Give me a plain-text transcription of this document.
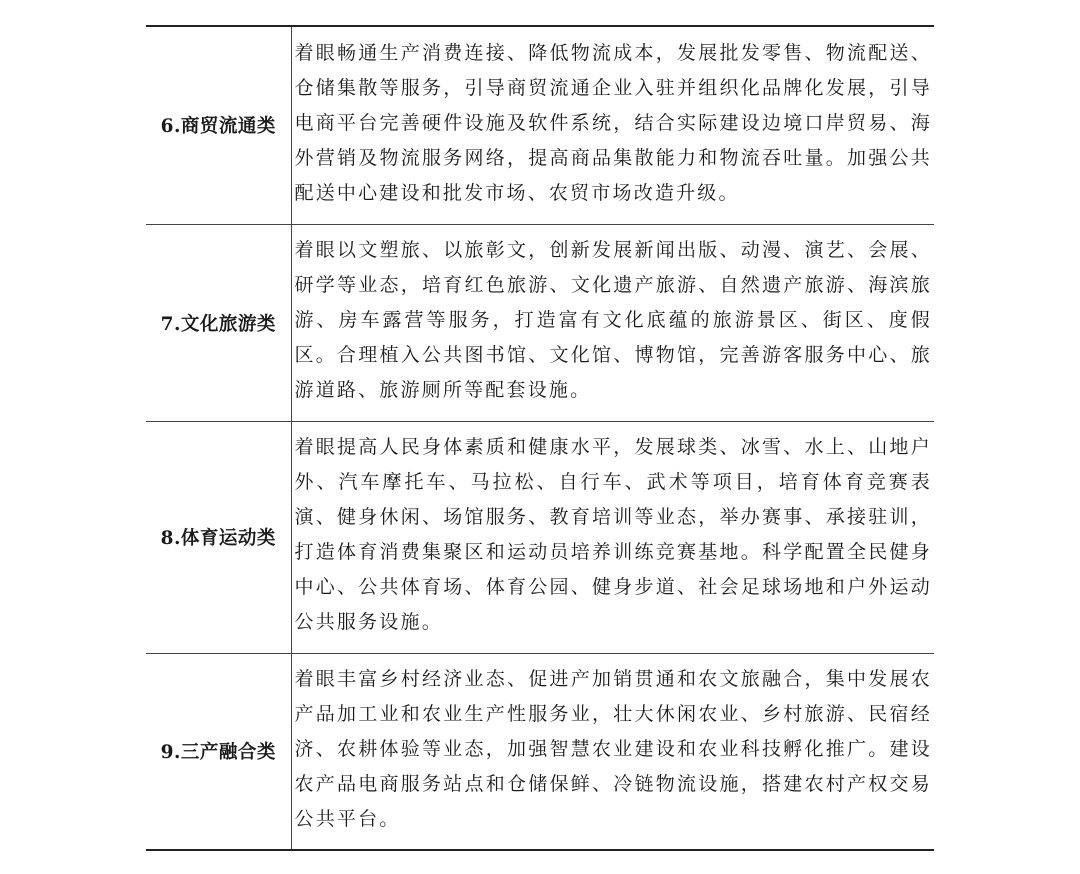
6.商贸流通类	着眼畅通生产消费连接、降低物流成本，发展批发零售、物流配送、仓储集散等服务，引导商贸流通企业入驻并组织化品牌化发展，引导电商平台完善硬件设施及软件系统，结合实际建设边境口岸贸易、海外营销及物流服务网络，提高商品集散能力和物流吞吐量。加强公共配送中心建设和批发市场、农贸市场改造升级。

7.文化旅游类	着眼以文塑旅、以旅彰文，创新发展新闻出版、动漫、演艺、会展、研学等业态，培育红色旅游、文化遗产旅游、自然遗产旅游、海滨旅游、房车露营等服务，打造富有文化底蕴的旅游景区、街区、度假区。合理植入公共图书馆、文化馆、博物馆，完善游客服务中心、旅游道路、旅游厕所等配套设施。

8.体育运动类	着眼提高人民身体素质和健康水平，发展球类、冰雪、水上、山地户外、汽车摩托车、马拉松、自行车、武术等项目，培育体育竞赛表演、健身休闲、场馆服务、教育培训等业态，举办赛事、承接驻训，打造体育消费集聚区和运动员培养训练竞赛基地。科学配置全民健身中心、公共体育场、体育公园、健身步道、社会足球场地和户外运动公共服务设施。

9.三产融合类	着眼丰富乡村经济业态、促进产加销贯通和农文旅融合，集中发展农产品加工业和农业生产性服务业，壮大休闲农业、乡村旅游、民宿经济、农耕体验等业态，加强智慧农业建设和农业科技孵化推广。建设农产品电商服务站点和仓储保鲜、冷链物流设施，搭建农村产权交易公共平台。
